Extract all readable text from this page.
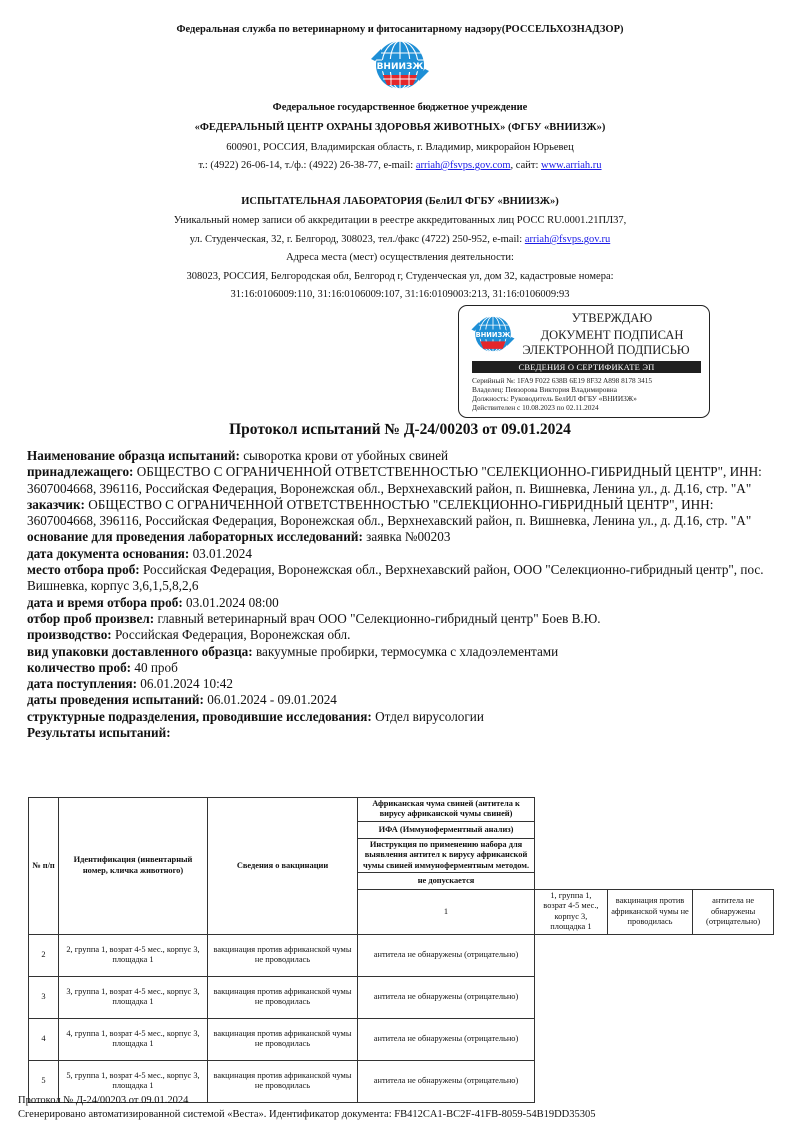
Федеральная служба по ветеринарному и фитосанитарному надзору(РОССЕЛЬХОЗНАДЗОР)
ВНИИЗЖ
Федеральное государственное бюджетное учреждение
«ФЕДЕРАЛЬНЫЙ ЦЕНТР ОХРАНЫ ЗДОРОВЬЯ ЖИВОТНЫХ» (ФГБУ «ВНИИЗЖ»)
600901, РОССИЯ, Владимирская область, г. Владимир, микрорайон Юрьевец
т.: (4922) 26-06-14, т./ф.: (4922) 26-38-77, e-mail: arriah@fsvps.gov.com, сайт: www.arriah.ru
ИСПЫТАТЕЛЬНАЯ ЛАБОРАТОРИЯ (БелИЛ ФГБУ «ВНИИЗЖ»)
Уникальный номер записи об аккредитации в реестре аккредитованных лиц РОСС RU.0001.21ПЛ37,
ул. Студенческая, 32, г. Белгород, 308023, тел./факс (4722) 250-952, e-mail: arriah@fsvps.gov.ru
Адреса места (мест) осуществления деятельности:
308023, РОССИЯ, Белгородская обл, Белгород г, Студенческая ул, дом 32, кадастровые номера:
31:16:0106009:110, 31:16:0106009:107, 31:16:0109003:213, 31:16:0106009:93
ВНИИЗЖ
УТВЕРЖДАЮ
ДОКУМЕНТ ПОДПИСАН
ЭЛЕКТРОННОЙ ПОДПИСЬЮ
СВЕДЕНИЯ О СЕРТИФИКАТЕ ЭП
Серийный №: 1FA9 F022 638B 6E19 8F32 A898 8178 3415
Владелец: Певзорова Виктория Владимировна
Должность: Руководитель БелИЛ ФГБУ «ВНИИЗЖ»
Действителен с 10.08.2023 по 02.11.2024
Протокол испытаний № Д-24/00203 от 09.01.2024

Наименование образца испытаний: сыворотка крови от убойных свиней

принадлежащего: ОБЩЕСТВО С ОГРАНИЧЕННОЙ ОТВЕТСТВЕННОСТЬЮ "СЕЛЕКЦИОННО-ГИБРИДНЫЙ ЦЕНТР", ИНН: 3607004668, 396116, Российская Федерация, Воронежская обл., Верхнехавский район, п. Вишневка, Ленина ул., д. Д.16, стр. "А"

заказчик: ОБЩЕСТВО С ОГРАНИЧЕННОЙ ОТВЕТСТВЕННОСТЬЮ "СЕЛЕКЦИОННО-ГИБРИДНЫЙ ЦЕНТР", ИНН: 3607004668, 396116, Российская Федерация, Воронежская обл., Верхнехавский район, п. Вишневка, Ленина ул., д. Д.16, стр. "А"

основание для проведения лабораторных исследований: заявка №00203

дата документа основания: 03.01.2024

место отбора проб: Российская Федерация, Воронежская обл., Верхнехавский район, ООО "Селекционно-гибридный центр", пос. Вишневка, корпус 3,6,1,5,8,2,6

дата и время отбора проб: 03.01.2024 08:00

отбор проб произвел: главный ветеринарный врач ООО "Селекционно-гибридный центр" Боев В.Ю.

производство: Российская Федерация, Воронежская обл.

вид упаковки доставленного образца: вакуумные пробирки, термосумка с хладоэлементами

количество проб: 40 проб

дата поступления: 06.01.2024 10:42

даты проведения испытаний: 06.01.2024 - 09.01.2024

структурные подразделения, проводившие исследования: Отдел вирусологии

Результаты испытаний:

№ п/п	Идентификация (инвентарный номер, кличка животного)	Сведения о вакцинации	Африканская чума свиней (антитела к вирусу африканской чумы свиней)			
			ИФА (Иммуноферментный анализ)			
			Инструкция по применению набора для выявления антител к вирусу африканской чумы свиней иммуноферментным методом.			
			не допускается			
			1	1, группа 1, возрат 4-5 мес., корпус 3, площадка 1	вакцинация против африканской чумы не проводилась	антитела не обнаружены (отрицательно)
2	2, группа 1, возрат 4-5 мес., корпус 3, площадка 1	вакцинация против африканской чумы не проводилась	антитела не обнаружены (отрицательно)			
3	3, группа 1, возрат 4-5 мес., корпус 3, площадка 1	вакцинация против африканской чумы не проводилась	антитела не обнаружены (отрицательно)			
4	4, группа 1, возрат 4-5 мес., корпус 3, площадка 1	вакцинация против африканской чумы не проводилась	антитела не обнаружены (отрицательно)			
5	5, группа 1, возрат 4-5 мес., корпус 3, площадка 1	вакцинация против африканской чумы не проводилась	антитела не обнаружены (отрицательно)			
Протокол № Д-24/00203 от 09.01.2024
Сгенерировано автоматизированной системой «Веста». Идентификатор документа: FB412CA1-BC2F-41FB-8059-54B19DD35305
